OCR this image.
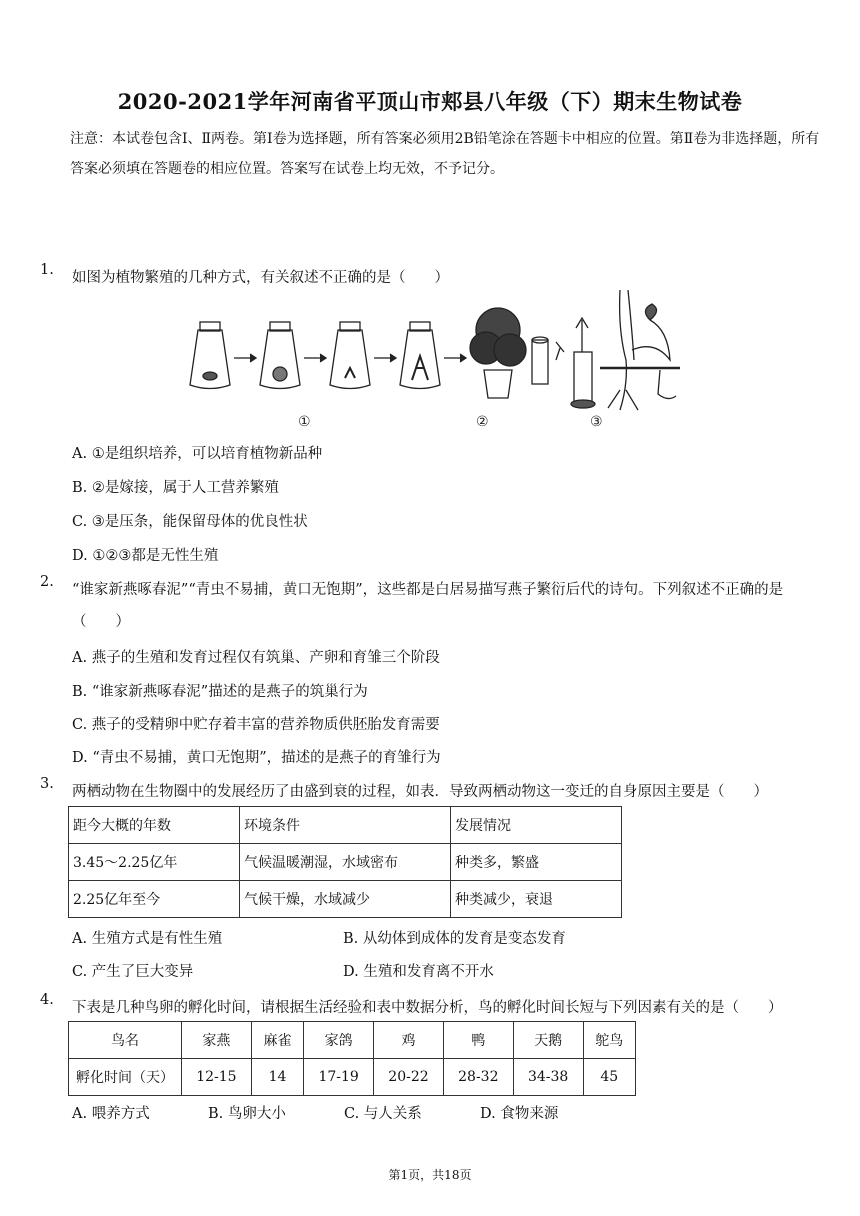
2020-2021学年河南省平顶山市郏县八年级（下）期末生物试卷
注意：本试卷包含Ⅰ、Ⅱ两卷。第Ⅰ卷为选择题，所有答案必须用2B铅笔涂在答题卡中相应的位置。第Ⅱ卷为非选择题，所有答案必须填在答题卷的相应位置。答案写在试卷上均无效，不予记分。
1. 如图为植物繁殖的几种方式，有关叙述不正确的是（　　）
①	②	③
A. ①是组织培养，可以培育植物新品种
B. ②是嫁接，属于人工营养繁殖
C. ③是压条，能保留母体的优良性状
D. ①②③都是无性生殖
2. “谁家新燕啄春泥”“青虫不易捕，黄口无饱期”，这些都是白居易描写燕子繁衍后代的诗句。下列叙述不正确的是（　　）
A. 燕子的生殖和发育过程仅有筑巢、产卵和育雏三个阶段
B. “谁家新燕啄春泥”描述的是燕子的筑巢行为
C. 燕子的受精卵中贮存着丰富的营养物质供胚胎发育需要
D. “青虫不易捕，黄口无饱期”，描述的是燕子的育雏行为
3. 两栖动物在生物圈中的发展经历了由盛到衰的过程，如表．导致两栖动物这一变迁的自身原因主要是（　　）
距今大概的年数	环境条件	发展情况
3.45～2.25亿年	气候温暖潮湿，水域密布	种类多，繁盛
2.25亿年至今	气候干燥，水域减少	种类减少，衰退
A. 生殖方式是有性生殖	B. 从幼体到成体的发育是变态发育
C. 产生了巨大变异	D. 生殖和发育离不开水
4. 下表是几种鸟卵的孵化时间，请根据生活经验和表中数据分析，鸟的孵化时间长短与下列因素有关的是（　　）
鸟名	家燕	麻雀	家鸽	鸡	鸭	天鹅	鸵鸟
孵化时间（天）	12-15	14	17-19	20-22	28-32	34-38	45
A. 喂养方式	B. 鸟卵大小	C. 与人关系	D. 食物来源
第1页，共18页
